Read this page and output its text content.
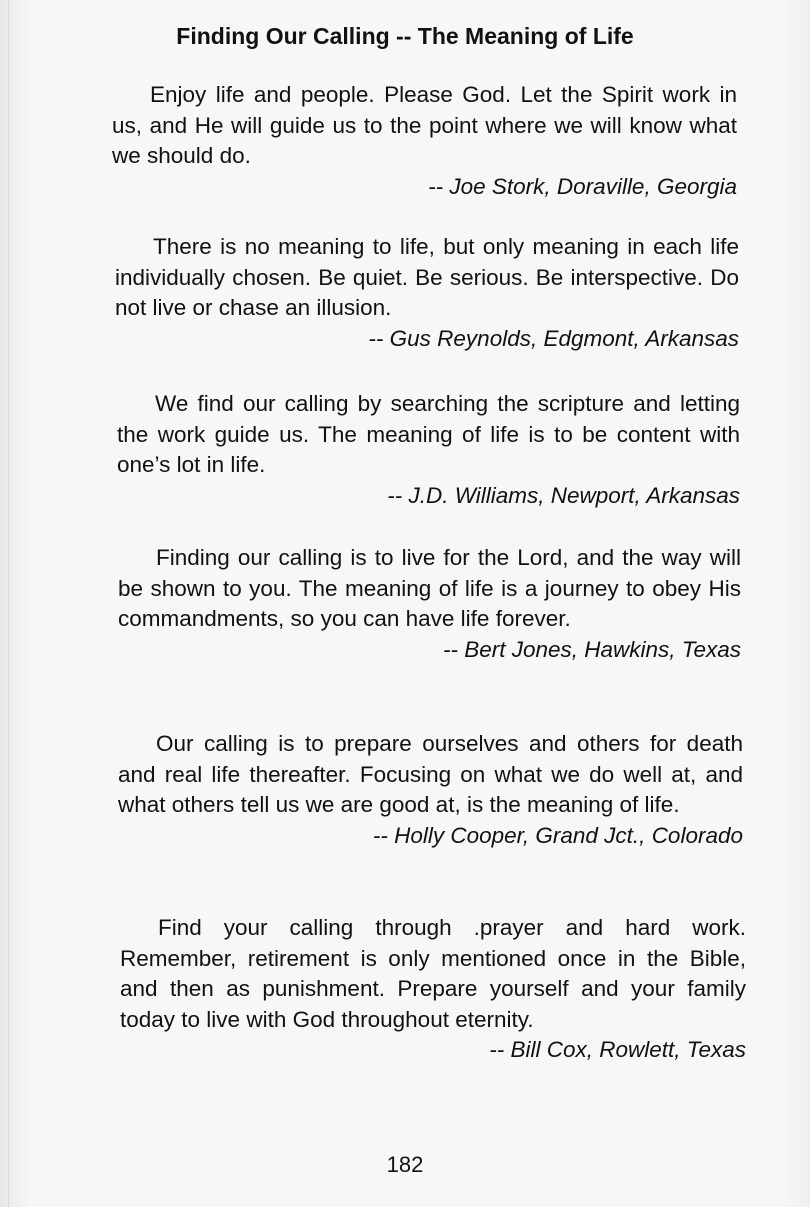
Finding Our Calling -- The Meaning of Life

Enjoy life and people. Please God. Let the Spirit work in us, and He will guide us to the point where we will know what we should do.

-- Joe Stork, Doraville, Georgia

There is no meaning to life, but only meaning in each life individually chosen. Be quiet. Be serious. Be interspective. Do not live or chase an illusion.

-- Gus Reynolds, Edgmont, Arkansas

We find our calling by searching the scripture and letting the work guide us. The meaning of life is to be content with one’s lot in life.

-- J.D. Williams, Newport, Arkansas

Finding our calling is to live for the Lord, and the way will be shown to you. The meaning of life is a journey to obey His commandments, so you can have life forever.

-- Bert Jones, Hawkins, Texas

Our calling is to prepare ourselves and others for death and real life thereafter. Focusing on what we do well at, and what others tell us we are good at, is the meaning of life.

-- Holly Cooper, Grand Jct., Colorado

Find your calling through .prayer and hard work. Remember, retirement is only mentioned once in the Bible, and then as punishment. Prepare yourself and your family today to live with God throughout eternity.

-- Bill Cox, Rowlett, Texas
182
